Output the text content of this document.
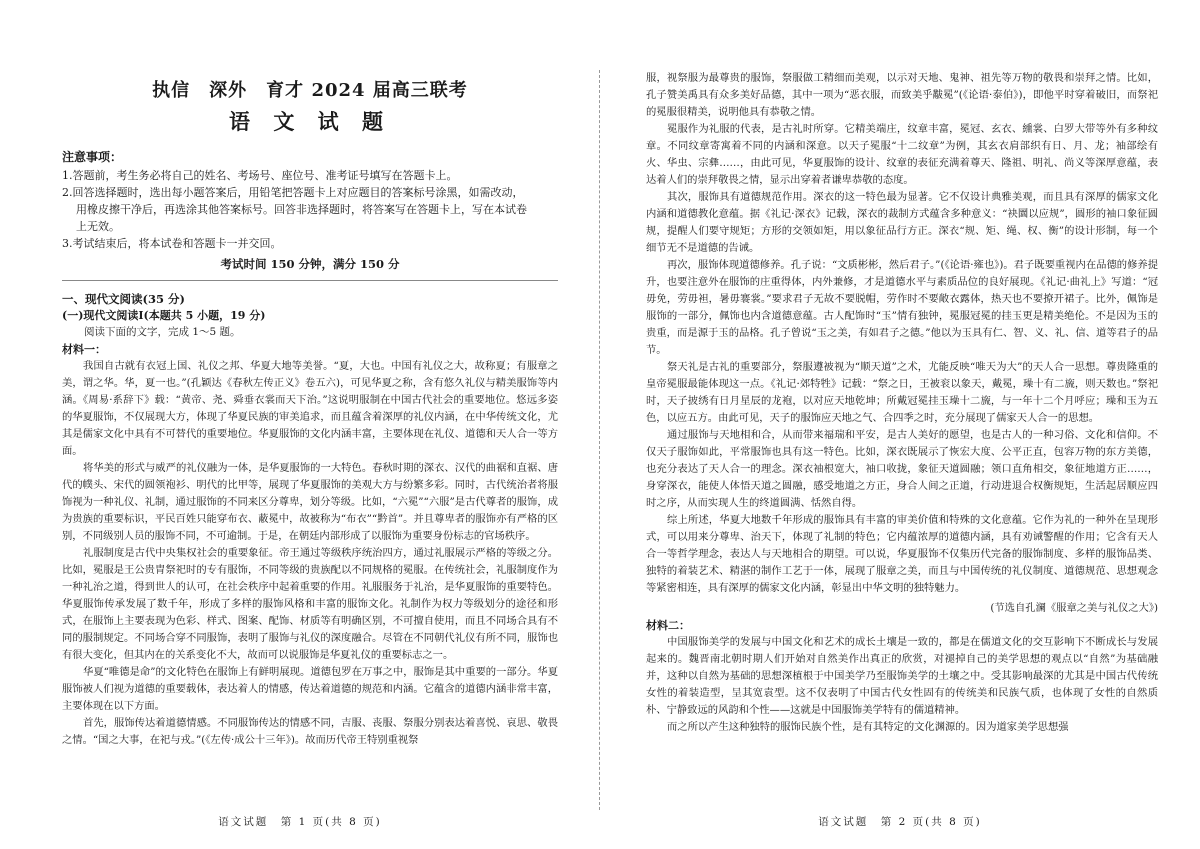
执信　深外　育才 2024 届高三联考
语 文 试 题
注意事项：

1.答题前，考生务必将自己的姓名、考场号、座位号、准考证号填写在答题卡上。

2.回答选择题时，选出每小题答案后，用铅笔把答题卡上对应题目的答案标号涂黑，如需改动，

用橡皮擦干净后，再选涂其他答案标号。回答非选择题时，将答案写在答题卡上，写在本试卷

上无效。

3.考试结束后，将本试卷和答题卡一并交回。

考试时间 150 分钟，满分 150 分
一、现代文阅读(35 分)
(一)现代文阅读Ⅰ(本题共 5 小题，19 分)

阅读下面的文字，完成 1～5 题。

材料一：

我国自古就有衣冠上国、礼仪之邦、华夏大地等美誉。“夏，大也。中国有礼仪之大，故称夏；有服章之美，谓之华。华，夏一也。”(孔颖达《春秋左传正义》卷五六)，可见华夏之称，含有悠久礼仪与精美服饰等内涵。《周易·系辞下》载：“黄帝、尧、舜垂衣裳而天下治。”这说明服制在中国古代社会的重要地位。悠远多姿的华夏服饰，不仅展现大方，体现了华夏民族的审美追求，而且蕴含着深厚的礼仪内涵，在中华传统文化，尤其是儒家文化中具有不可替代的重要地位。华夏服饰的文化内涵丰富，主要体现在礼仪、道德和天人合一等方面。

将华美的形式与威严的礼仪融为一体，是华夏服饰的一大特色。春秋时期的深衣、汉代的曲裾和直裾、唐代的幞头、宋代的圆领袍衫、明代的比甲等，展现了华夏服饰的美观大方与纷繁多彩。同时，古代统治者将服饰视为一种礼仪、礼制，通过服饰的不同来区分尊卑，划分等级。比如，“六冕”“六服”是古代尊者的服饰，成为贵族的重要标识，平民百姓只能穿布衣、蔽冕中，故被称为“布衣”“黔首”。并且尊卑者的服饰亦有严格的区别，不同级别人员的服饰不同，不可逾制。于是，在朝廷内部形成了以服饰为重要身份标志的官场秩序。

礼服制度是古代中央集权社会的重要象征。帝王通过等级秩序统治四方，通过礼服展示严格的等级之分。比如，冕服是王公贵胄祭祀时的专有服饰，不同等级的贵族配以不同规格的冕服。在传统社会，礼服制度作为一种礼治之道，得到世人的认可，在社会秩序中起着重要的作用。礼服服务于礼治，是华夏服饰的重要特色。华夏服饰传承发展了数千年，形成了多样的服饰风格和丰富的服饰文化。礼制作为权力等级划分的途径和形式，在服饰上主要表现为色彩、样式、图案、配饰、材质等有明确区别，不可擅自使用，而且不同场合具有不同的服制规定。不同场合穿不同服饰，表明了服饰与礼仪的深度融合。尽管在不同朝代礼仪有所不同，服饰也有很大变化，但其内在的关系变化不大，故而可以说服饰是华夏礼仪的重要标志之一。

华夏“唯德是命”的文化特色在服饰上有鲜明展现。道德包罗在万事之中，服饰是其中重要的一部分。华夏服饰被人们视为道德的重要载体，表达着人的情感，传达着道德的规范和内涵。它蕴含的道德内涵非常丰富，主要体现在以下方面。

首先，服饰传达着道德情感。不同服饰传达的情感不同，吉服、丧服、祭服分别表达着喜悦、哀思、敬畏之情。“国之大事，在祀与戎。”(《左传·成公十三年》)。故而历代帝王特别重视祭

语文试题　第 1 页(共 8 页)

服，视祭服为最尊贵的服饰，祭服做工精细而美观，以示对天地、鬼神、祖先等万物的敬畏和崇拜之情。比如，孔子赞美禹具有众多美好品德，其中一项为“恶衣服，而致美乎黻冕”(《论语·泰伯》)，即他平时穿着破旧，而祭祀的冕服很精美，说明他具有恭敬之情。

冕服作为礼服的代表，是古礼时所穿。它精美端庄，纹章丰富，冕冠、玄衣、纁裳、白罗大带等外有多种纹章。不同纹章寄寓着不同的内涵和深意。以天子冕服“十二纹章”为例，其玄衣肩部织有日、月、龙；袖部绘有火、华虫、宗彝……，由此可见，华夏服饰的设计、纹章的表征充满着尊天、隆祖、明礼、尚义等深厚意蕴，表达着人们的崇拜敬畏之情，显示出穿着者谦卑恭敬的态度。

其次，服饰具有道德规范作用。深衣的这一特色最为显著。它不仅设计典雅美观，而且具有深厚的儒家文化内涵和道德教化意蕴。据《礼记·深衣》记载，深衣的裁制方式蕴含多种意义：“袂圜以应规”，圆形的袖口象征圆规，提醒人们要守规矩；方形的交领如矩，用以象征品行方正。深衣“规、矩、绳、权、衡”的设计形制，每一个细节无不是道德的告诫。

再次，服饰体现道德修养。孔子说：“文质彬彬，然后君子。”(《论语·雍也》)。君子既要重视内在品德的修养提升，也要注意外在服饰的庄重得体，内外兼修，才是道德水平与素质品位的良好展现。《礼记·曲礼上》写道：“冠毋免，劳毋袒，暑毋褰裳。”要求君子无故不要脱帽，劳作时不要敞衣露体，热天也不要撩开裙子。比外，佩饰是服饰的一部分，佩饰也内含道德意蕴。古人配饰时“玉”情有独钟，冕服冠冕的挂玉更是精美绝伦。不是因为玉的贵重，而是源于玉的品格。孔子曾说“玉之美，有如君子之德。”他以为玉具有仁、智、义、礼、信、道等君子的品节。

祭天礼是古礼的重要部分，祭服遵被视为“顺天道”之术，尤能反映“唯天为大”的天人合一思想。尊贵隆重的皇帝冕服最能体现这一点。《礼记·郊特牲》记载：“祭之日，王被衮以象天，戴冕，璪十有二旒，则天数也。”祭祀时，天子披绣有日月星辰的龙袍，以对应天地乾坤；所戴冠冕挂玉璪十二旒，与一年十二个月呼应；璪和玉为五色，以应五方。由此可见，天子的服饰应天地之气、合四季之时，充分展现了儒家天人合一的思想。

通过服饰与天地相和合，从而带来福瑞和平安，是古人美好的愿望，也是古人的一种习俗、文化和信仰。不仅天子服饰如此，平常服饰也具有这一特色。比如，深衣既展示了恢宏大度、公平正直，包容万物的东方美德，也充分表达了天人合一的理念。深衣袖根宽大，袖口收拢，象征天道圆融；领口直角相交，象征地道方正……，身穿深衣，能使人体悟天道之圆融，感受地道之方正，身合人间之正道，行动进退合权衡规矩，生活起居顺应四时之序，从而实现人生的终道圆满、恬然自得。

综上所述，华夏大地数千年形成的服饰具有丰富的审美价值和特殊的文化意蕴。它作为礼的一种外在呈现形式，可以用来分尊卑、治天下，体现了礼制的特色；它内蕴浓厚的道德内涵，具有劝诫警醒的作用；它含有天人合一等哲学理念，表达人与天地相合的期望。可以说，华夏服饰不仅集历代完备的服饰制度、多样的服饰品类、独特的着装艺术、精湛的制作工艺于一体，展现了服章之美，而且与中国传统的礼仪制度、道德规范、思想观念等紧密相连，具有深厚的儒家文化内涵，彰显出中华文明的独特魅力。

(节选自孔澜《服章之美与礼仪之大》)

材料二：

中国服饰美学的发展与中国文化和艺术的成长土壤是一致的，都是在儒道文化的交互影响下不断成长与发展起来的。魏晋南北朝时期人们开始对自然美作出真正的欣赏，对褪掉自己的美学思想的观点以“自然”为基础融并，这种以自然为基础的思想深植根于中国美学乃至服饰美学的土壤之中。受其影响最深的尤其是中国古代传统女性的着装造型，呈其宽袁型。这不仅表明了中国古代女性固有的传统美和民族气质，也体现了女性的自然质朴、宁静致远的风韵和个性——这就是中国服饰美学特有的儒道精神。

而之所以产生这种独特的服饰民族个性，是有其特定的文化渊源的。因为道家美学思想强

语文试题　第 2 页(共 8 页)
